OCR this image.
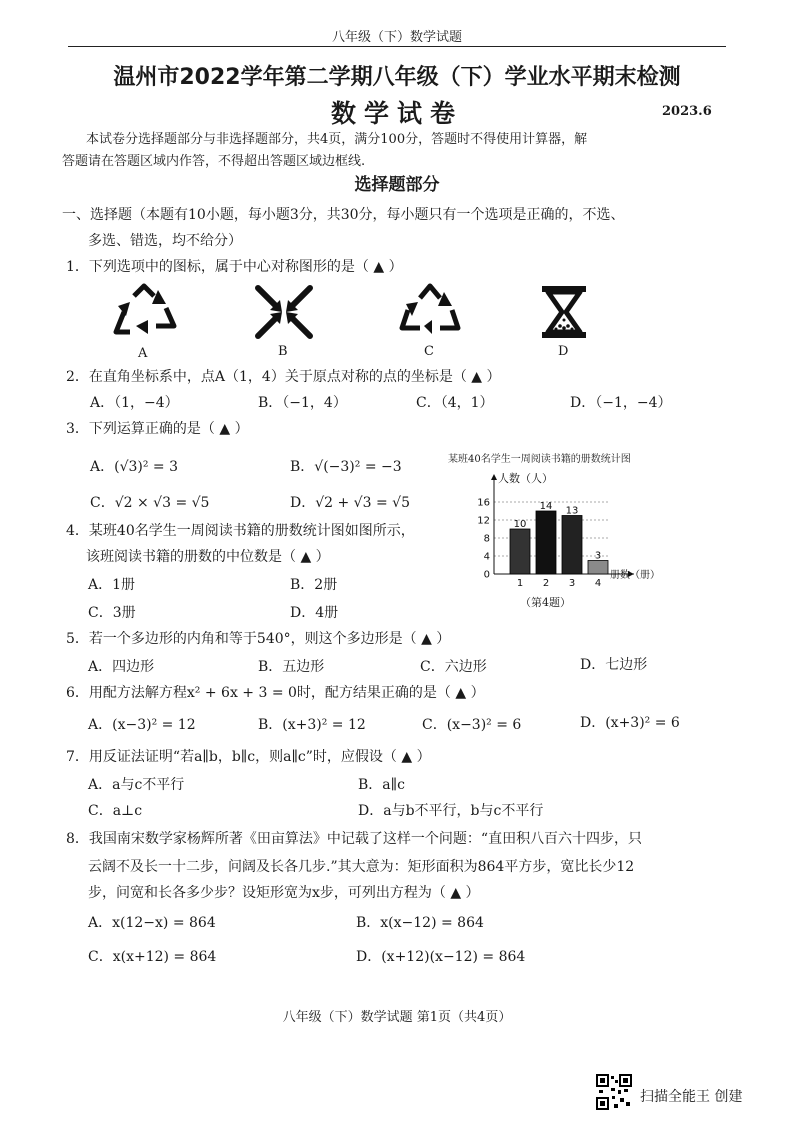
八年级（下）数学试题
温州市2022学年第二学期八年级（下）学业水平期末检测
数学试卷	2023.6
本试卷分选择题部分与非选择题部分，共4页，满分100分，答题时不得使用计算器，解
答题请在答题区域内作答，不得超出答题区域边框线.
选择题部分
一、选择题（本题有10小题，每小题3分，共30分，每小题只有一个选项是正确的，不选、
多选、错选，均不给分）
1．下列选项中的图标，属于中心对称图形的是（ ▲ ）
A	B	C	D
2．在直角坐标系中，点A（1，4）关于原点对称的点的坐标是（ ▲ ）
A．（1，−4）	B．（−1，4）	C．（4，1）	D．（−1，−4）
3．下列运算正确的是（ ▲ ）
A．(√3)² = 3	B．√(−3)² = −3
C．√2 × √3 = √5	D．√2 + √3 = √5
某班40名学生一周阅读书籍的册数统计图
0
4
8
12
16
人数（人）
册数（册）
10
1
14
2
13
3
3
4
（第4题）
4．某班40名学生一周阅读书籍的册数统计图如图所示，
该班阅读书籍的册数的中位数是（ ▲ ）
A．1册	B．2册
C．3册	D．4册
5．若一个多边形的内角和等于540°，则这个多边形是（ ▲ ）
A．四边形	B．五边形	C．六边形	D．七边形
6．用配方法解方程x² + 6x + 3 = 0时，配方结果正确的是（ ▲ ）
A．(x−3)² = 12	B．(x+3)² = 12	C．(x−3)² = 6	D．(x+3)² = 6
7．用反证法证明“若a∥b，b∥c，则a∥c”时，应假设（ ▲ ）
A．a与c不平行	B．a∥c
C．a⊥c	D．a与b不平行，b与c不平行
8．我国南宋数学家杨辉所著《田亩算法》中记载了这样一个问题：“直田积八百六十四步，只
云阔不及长一十二步，问阔及长各几步.”其大意为：矩形面积为864平方步，宽比长少12
步，问宽和长各多少步？设矩形宽为x步，可列出方程为（ ▲ ）
A．x(12−x) = 864	B．x(x−12) = 864
C．x(x+12) = 864	D．(x+12)(x−12) = 864
八年级（下）数学试题 第1页（共4页）
扫描全能王 创建
